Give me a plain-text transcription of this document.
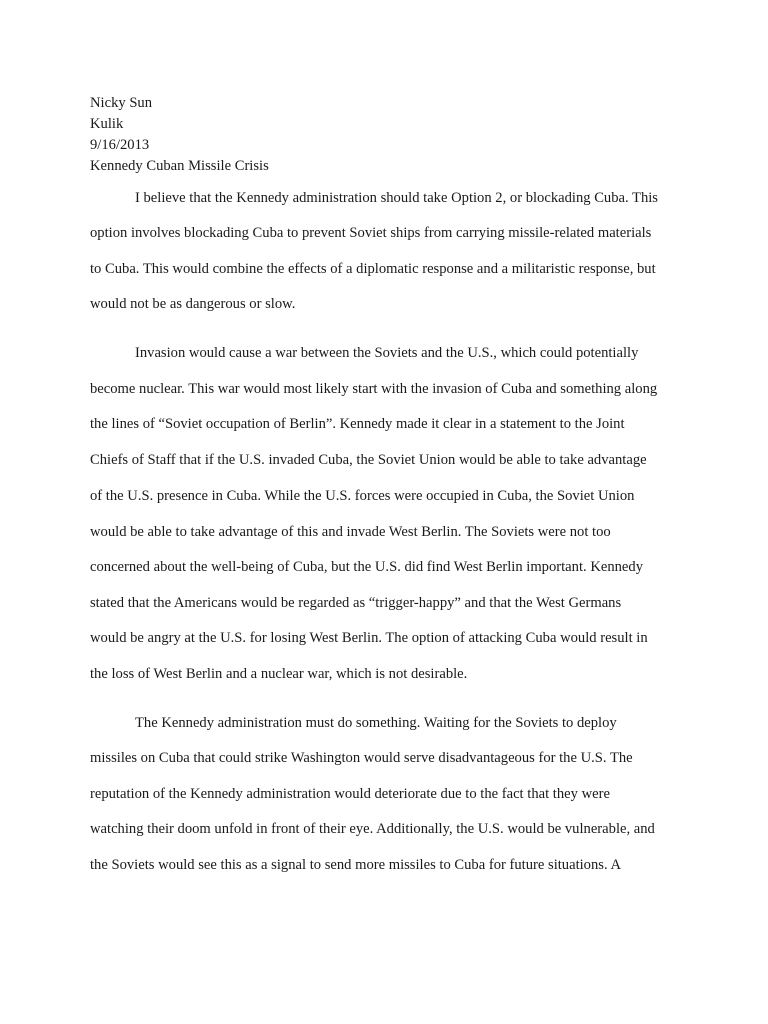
Nicky Sun
Kulik
9/16/2013
Kennedy Cuban Missile Crisis
I believe that the Kennedy administration should take Option 2, or blockading Cuba. This
option involves blockading Cuba to prevent Soviet ships from carrying missile-related materials
to Cuba. This would combine the effects of a diplomatic response and a militaristic response, but
would not be as dangerous or slow.
Invasion would cause a war between the Soviets and the U.S., which could potentially
become nuclear. This war would most likely start with the invasion of Cuba and something along
the lines of “Soviet occupation of Berlin”. Kennedy made it clear in a statement to the Joint
Chiefs of Staff that if the U.S. invaded Cuba, the Soviet Union would be able to take advantage
of the U.S. presence in Cuba. While the U.S. forces were occupied in Cuba, the Soviet Union
would be able to take advantage of this and invade West Berlin. The Soviets were not too
concerned about the well-being of Cuba, but the U.S. did find West Berlin important. Kennedy
stated that the Americans would be regarded as “trigger-happy” and that the West Germans
would be angry at the U.S. for losing West Berlin. The option of attacking Cuba would result in
the loss of West Berlin and a nuclear war, which is not desirable.
The Kennedy administration must do something. Waiting for the Soviets to deploy
missiles on Cuba that could strike Washington would serve disadvantageous for the U.S. The
reputation of the Kennedy administration would deteriorate due to the fact that they were
watching their doom unfold in front of their eye. Additionally, the U.S. would be vulnerable, and
the Soviets would see this as a signal to send more missiles to Cuba for future situations. A
